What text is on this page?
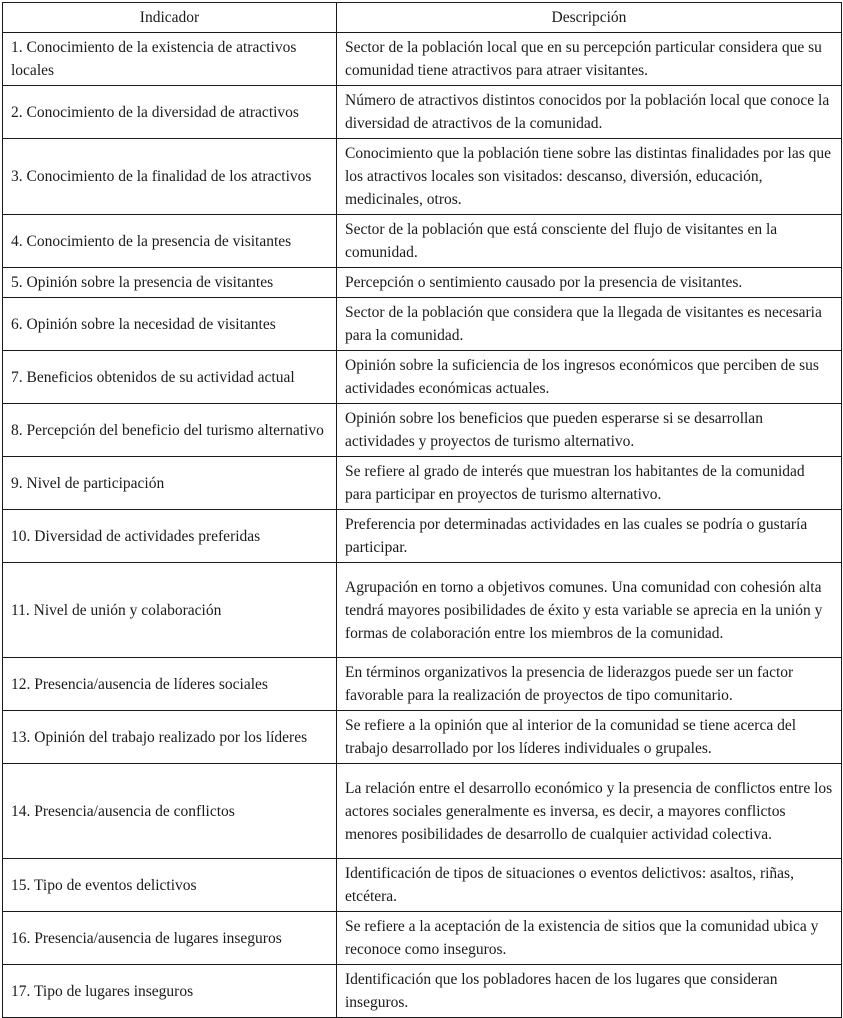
Indicador	Descripción
1. Conocimiento de la existencia de atractivos locales	Sector de la población local que en su percepción particular considera que su comunidad tiene atractivos para atraer visitantes.
2. Conocimiento de la diversidad de atractivos	Número de atractivos distintos conocidos por la población local que conoce la diversidad de atractivos de la comunidad.
3. Conocimiento de la finalidad de los atractivos	Conocimiento que la población tiene sobre las distintas finalidades por las que los atractivos locales son visitados: descanso, diversión, educación, medicinales, otros.
4. Conocimiento de la presencia de visitantes	Sector de la población que está consciente del flujo de visitantes en la comunidad.
5. Opinión sobre la presencia de visitantes	Percepción o sentimiento causado por la presencia de visitantes.
6. Opinión sobre la necesidad de visitantes	Sector de la población que considera que la llegada de visitantes es necesaria para la comunidad.
7. Beneficios obtenidos de su actividad actual	Opinión sobre la suficiencia de los ingresos económicos que perciben de sus actividades económicas actuales.
8. Percepción del beneficio del turismo alternativo	Opinión sobre los beneficios que pueden esperarse si se desarrollan actividades y proyectos de turismo alternativo.
9. Nivel de participación	Se refiere al grado de interés que muestran los habitantes de la comunidad para participar en proyectos de turismo alternativo.
10. Diversidad de actividades preferidas	Preferencia por determinadas actividades en las cuales se podría o gustaría participar.
11. Nivel de unión y colaboración	Agrupación en torno a objetivos comunes. Una comunidad con cohesión alta tendrá mayores posibilidades de éxito y esta variable se aprecia en la unión y formas de colaboración entre los miembros de la comunidad.
12. Presencia/ausencia de líderes sociales	En términos organizativos la presencia de liderazgos puede ser un factor favorable para la realización de proyectos de tipo comunitario.
13. Opinión del trabajo realizado por los líderes	Se refiere a la opinión que al interior de la comunidad se tiene acerca del trabajo desarrollado por los líderes individuales o grupales.
14. Presencia/ausencia de conflictos	La relación entre el desarrollo económico y la presencia de conflictos entre los actores sociales generalmente es inversa, es decir, a mayores conflictos menores posibilidades de desarrollo de cualquier actividad colectiva.
15. Tipo de eventos delictivos	Identificación de tipos de situaciones o eventos delictivos: asaltos, riñas, etcétera.
16. Presencia/ausencia de lugares inseguros	Se refiere a la aceptación de la existencia de sitios que la comunidad ubica y reconoce como inseguros.
17. Tipo de lugares inseguros	Identificación que los pobladores hacen de los lugares que consideran inseguros.
